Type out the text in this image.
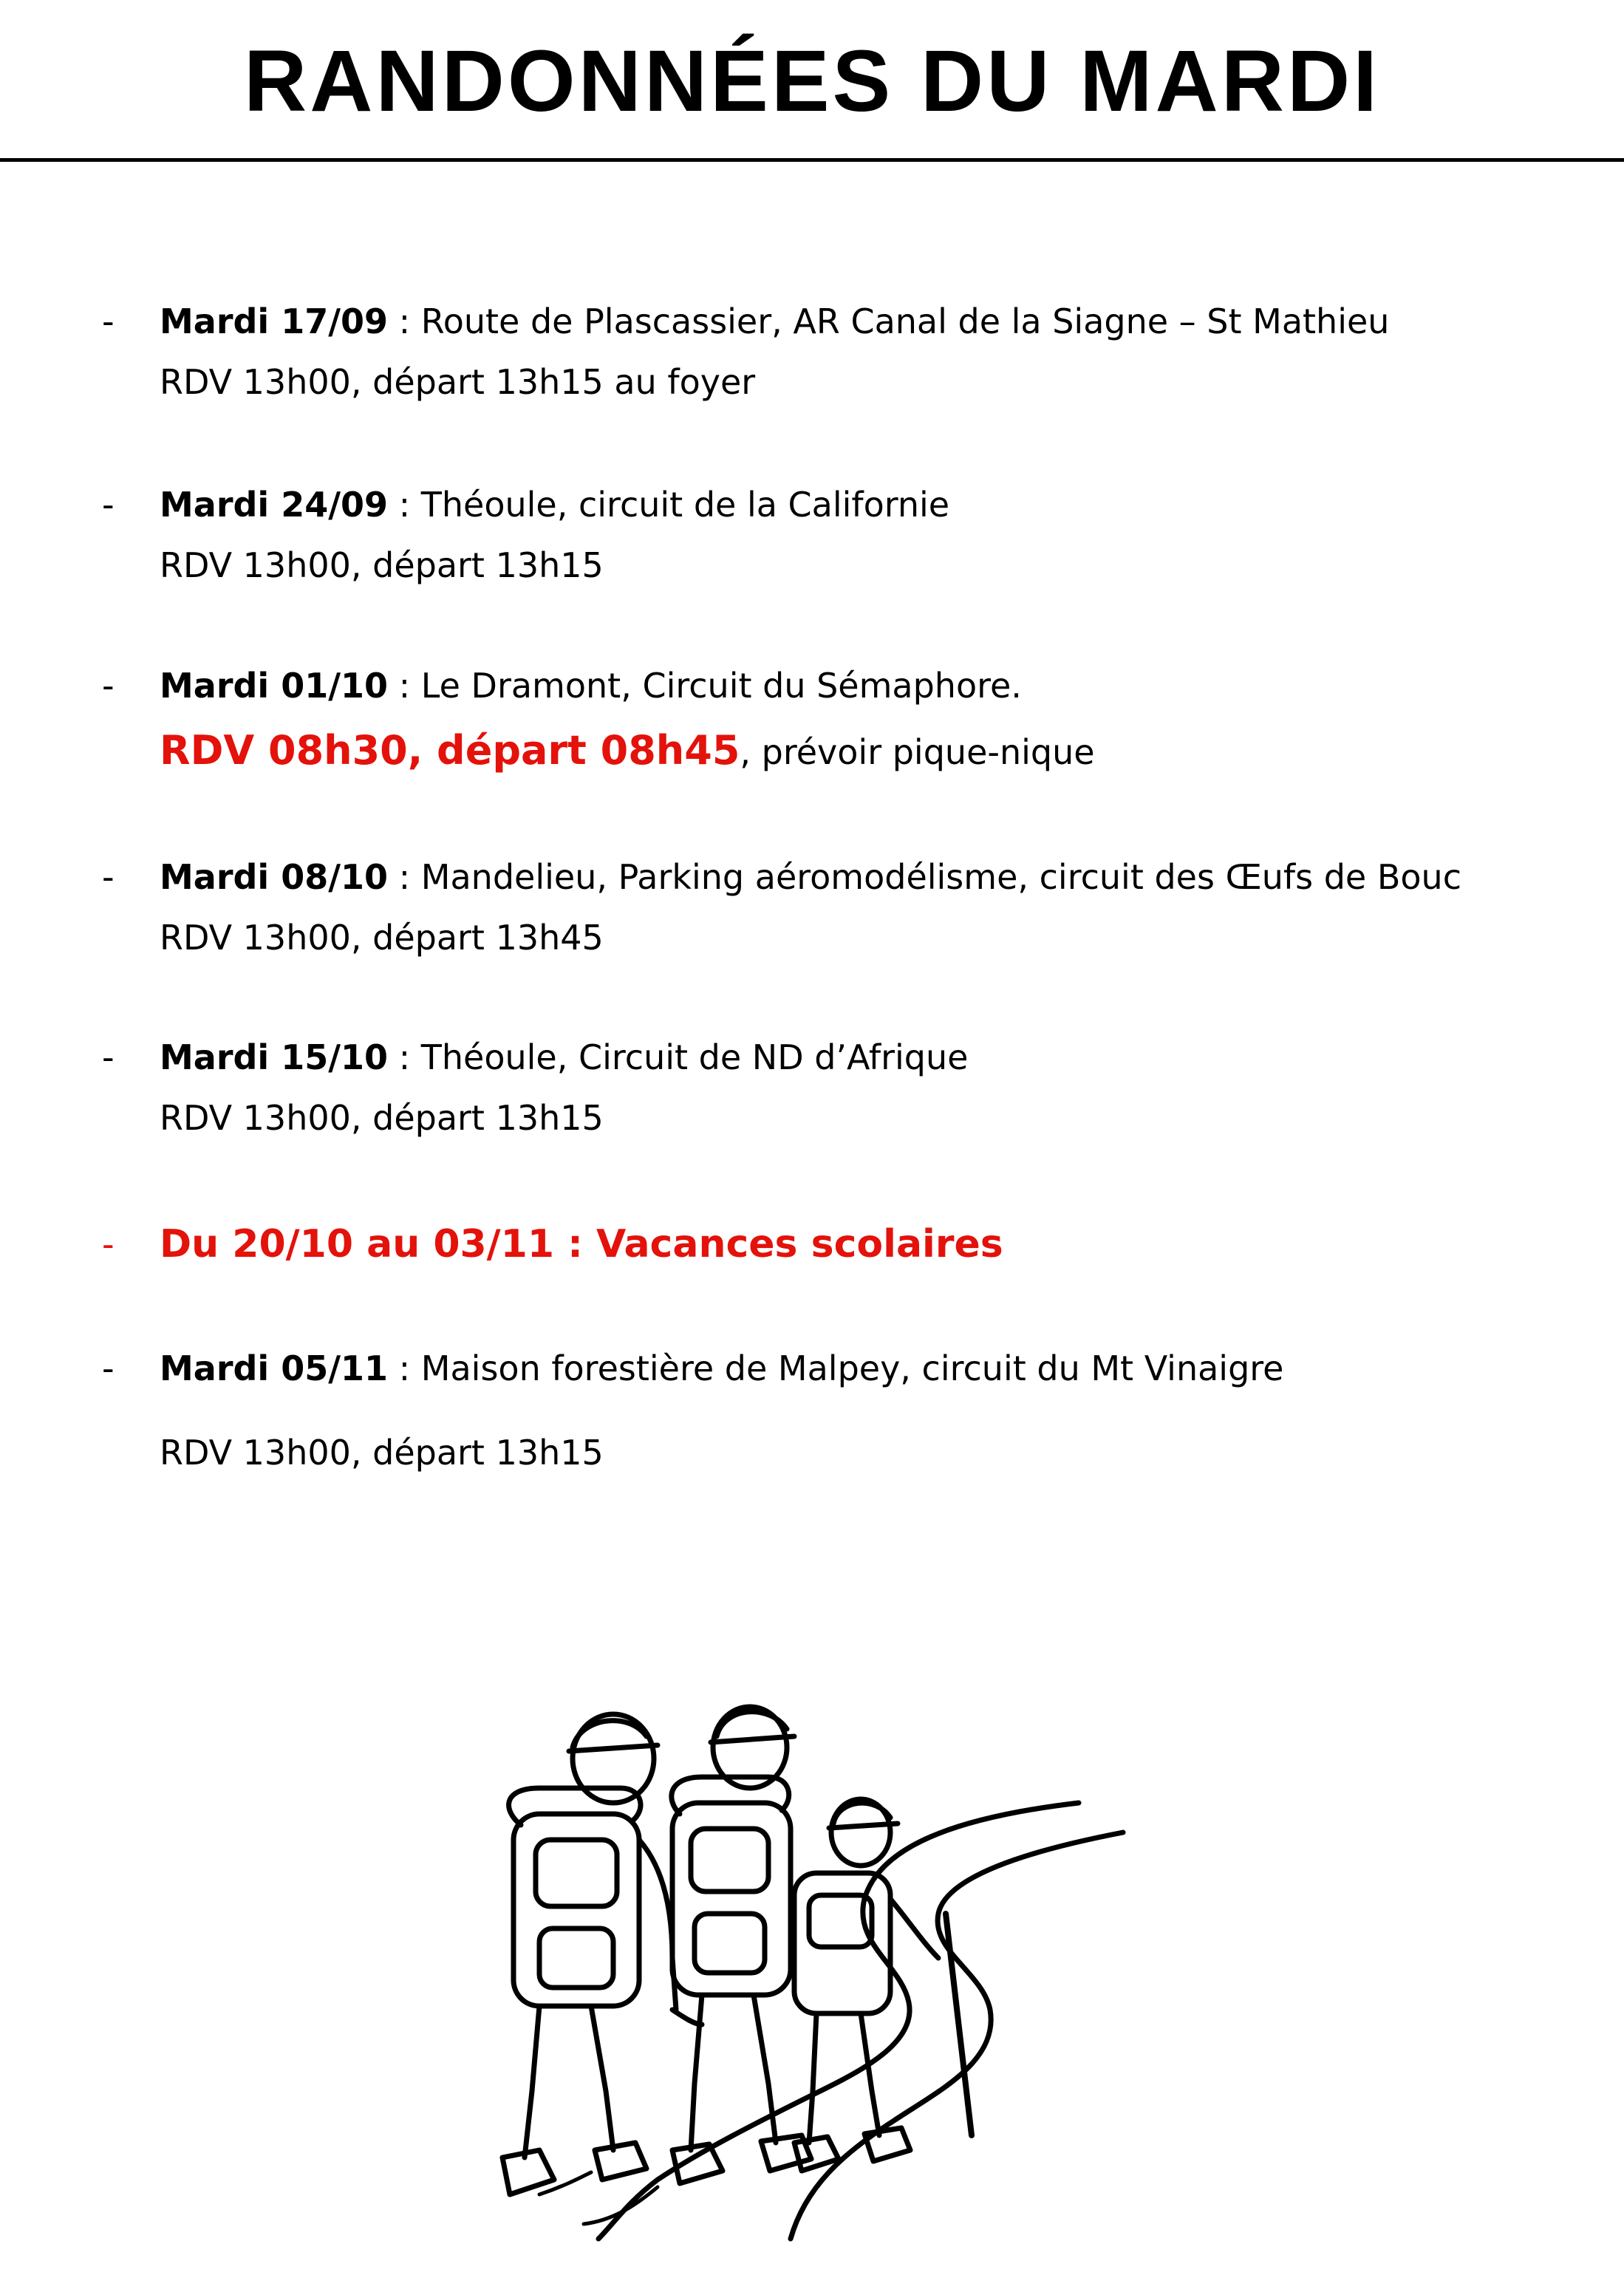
RANDONNÉES DU MARDI
- Mardi 17/09 : Route de Plascassier, AR Canal de la Siagne – St Mathieu
RDV 13h00, départ 13h15 au foyer
- Mardi 24/09 : Théoule, circuit de la Californie
RDV 13h00, départ 13h15
- Mardi 01/10 : Le Dramont, Circuit du Sémaphore.
RDV 08h30, départ 08h45, prévoir pique-nique
- Mardi 08/10 : Mandelieu, Parking aéromodélisme, circuit des Œufs de Bouc
RDV 13h00, départ 13h45
- Mardi 15/10 : Théoule, Circuit de ND d’Afrique
RDV 13h00, départ 13h15
- Du 20/10 au 03/11 : Vacances scolaires
- Mardi 05/11 : Maison forestière de Malpey, circuit du Mt Vinaigre
RDV 13h00, départ 13h15
